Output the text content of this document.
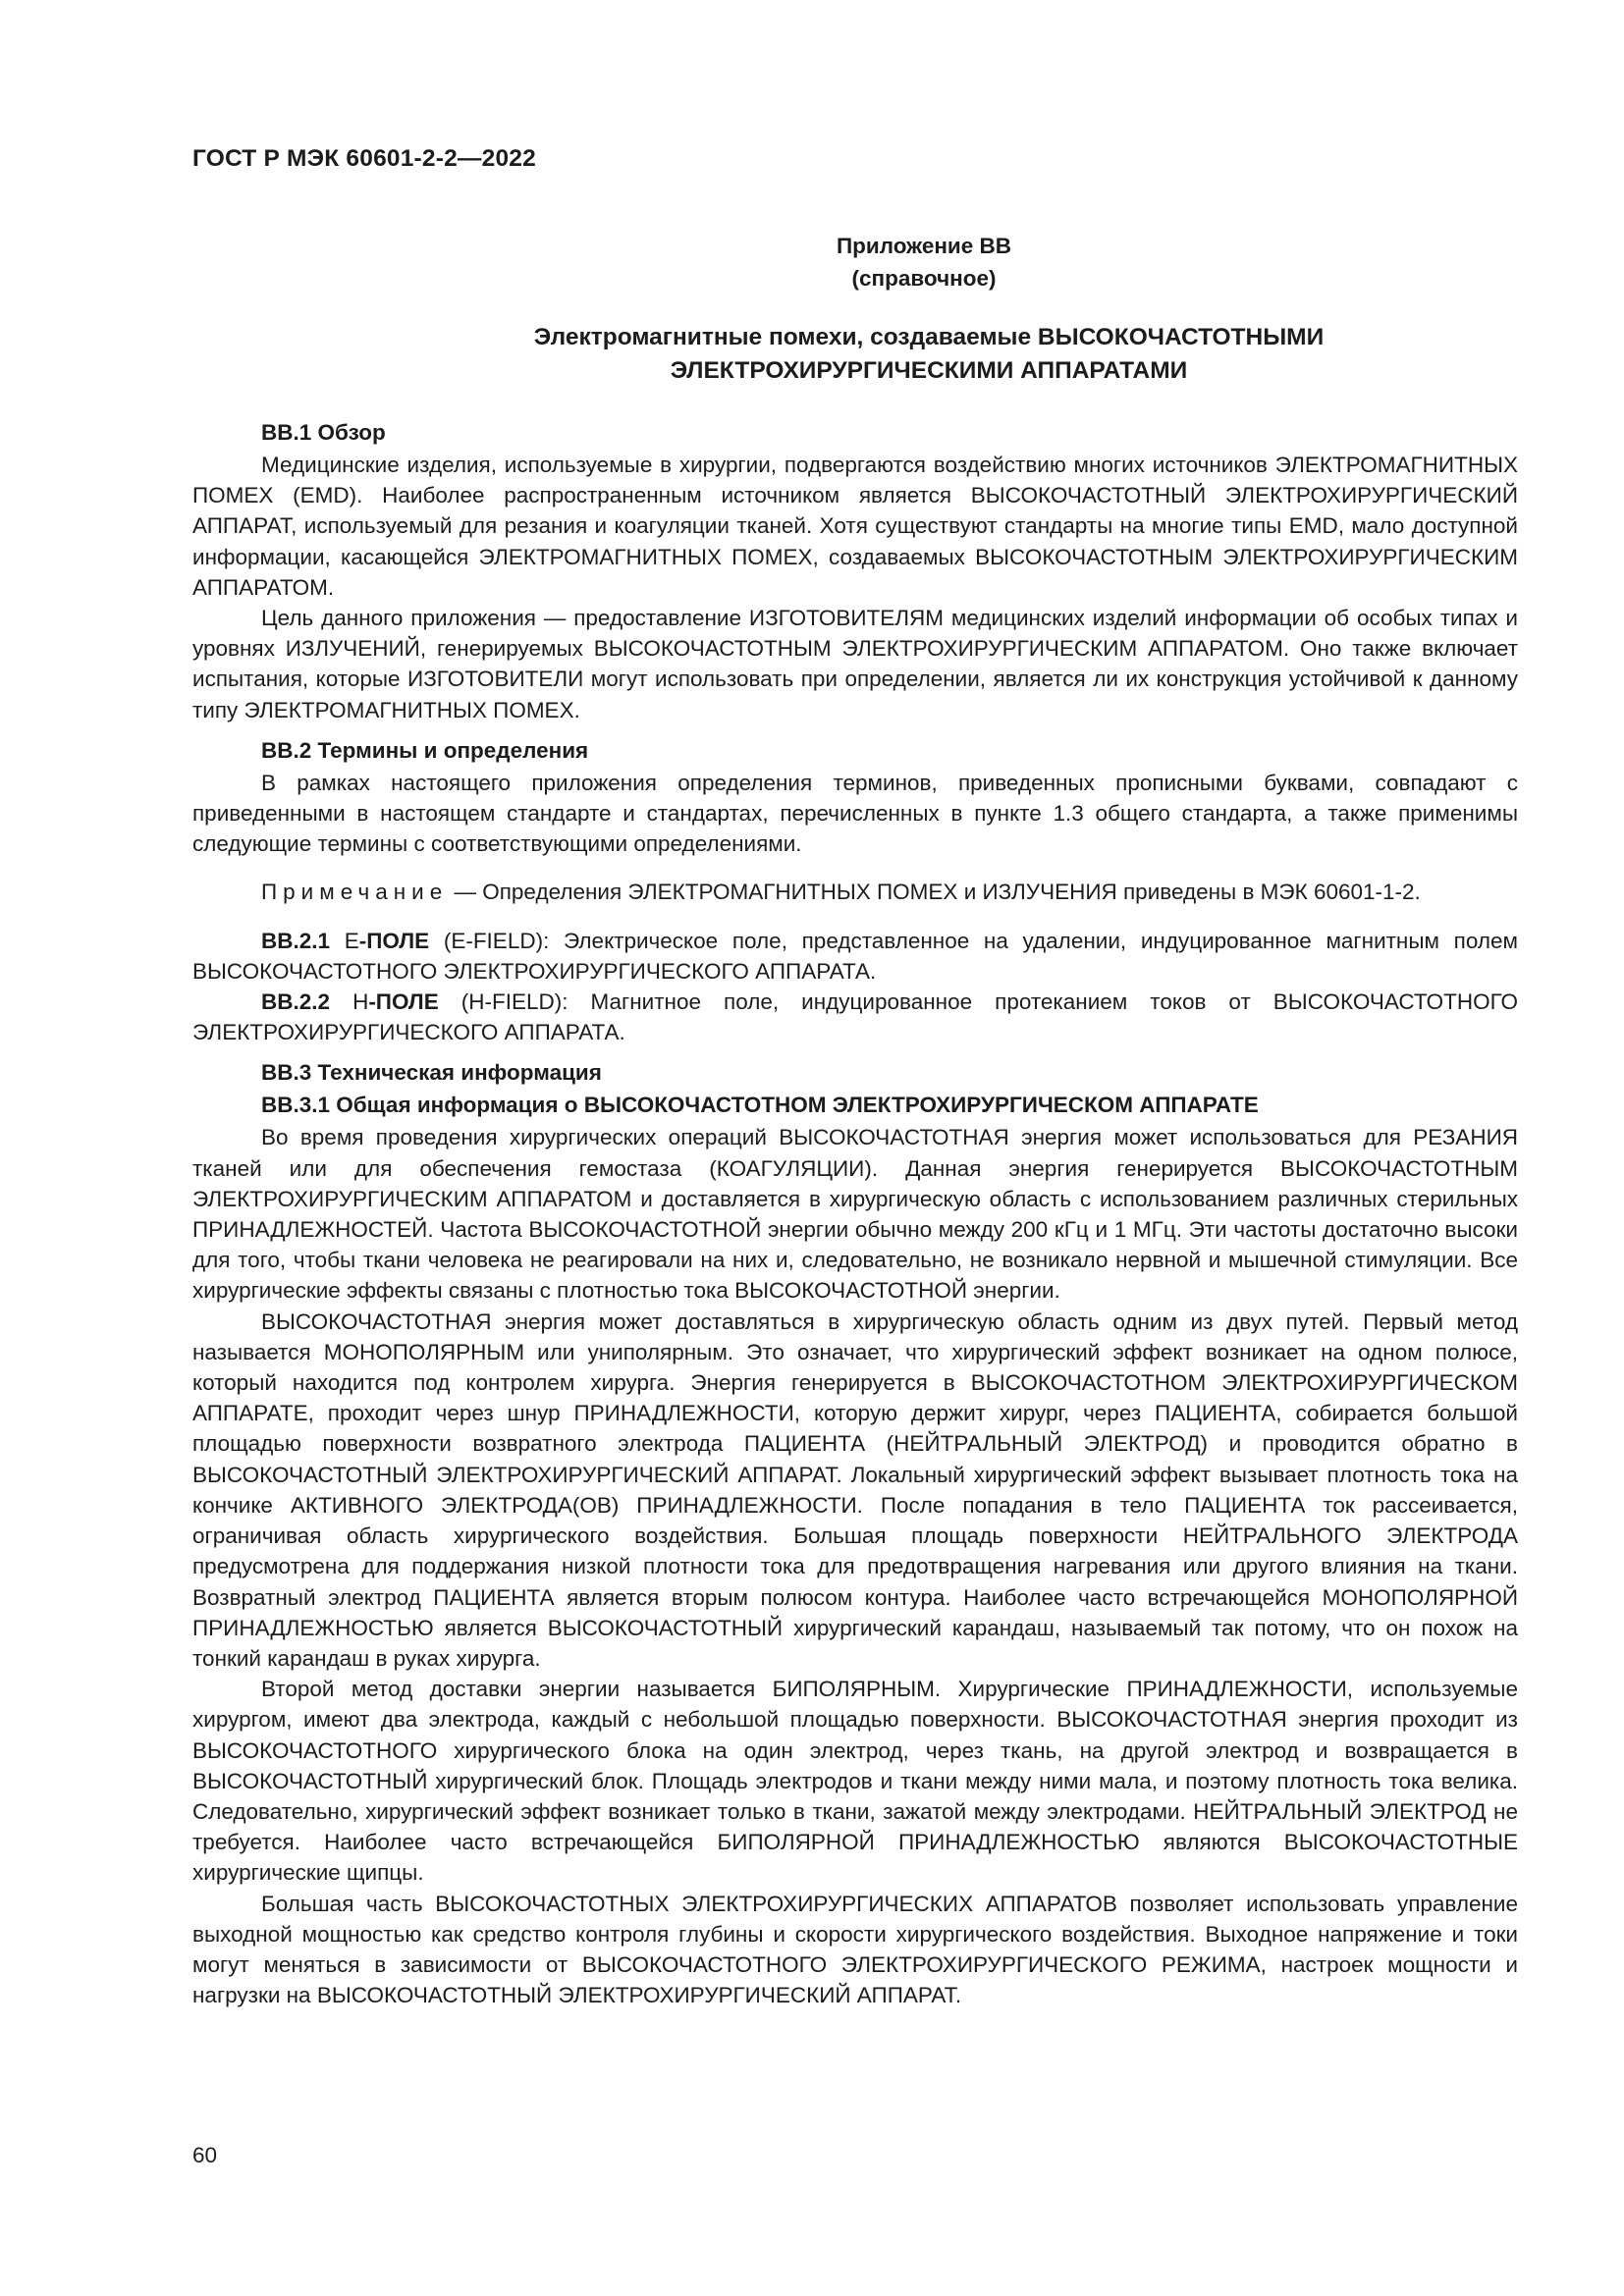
ГОСТ Р МЭК 60601-2-2—2022
Приложение ВВ
(справочное)
Электромагнитные помехи, создаваемые ВЫСОКОЧАСТОТНЫМИ
ЭЛЕКТРОХИРУРГИЧЕСКИМИ АППАРАТАМИ
ВВ.1 Обзор

Медицинские изделия, используемые в хирургии, подвергаются воздействию многих источников ЭЛЕКТРОМАГНИТНЫХ ПОМЕХ (EMD). Наиболее распространенным источником является ВЫСОКОЧАСТОТНЫЙ ЭЛЕКТРОХИРУРГИЧЕСКИЙ АППАРАТ, используемый для резания и коагуляции тканей. Хотя существуют стандарты на многие типы EMD, мало доступной информации, касающейся ЭЛЕКТРОМАГНИТНЫХ ПОМЕХ, создаваемых ВЫСОКОЧАСТОТНЫМ ЭЛЕКТРОХИРУРГИЧЕСКИМ АППАРАТОМ.

Цель данного приложения — предоставление ИЗГОТОВИТЕЛЯМ медицинских изделий информации об особых типах и уровнях ИЗЛУЧЕНИЙ, генерируемых ВЫСОКОЧАСТОТНЫМ ЭЛЕКТРОХИРУРГИЧЕСКИМ АППАРАТОМ. Оно также включает испытания, которые ИЗГОТОВИТЕЛИ могут использовать при определении, является ли их конструкция устойчивой к данному типу ЭЛЕКТРОМАГНИТНЫХ ПОМЕХ.

ВВ.2 Термины и определения

В рамках настоящего приложения определения терминов, приведенных прописными буквами, совпадают с приведенными в настоящем стандарте и стандартах, перечисленных в пункте 1.3 общего стандарта, а также применимы следующие термины с соответствующими определениями.

Примечание — Определения ЭЛЕКТРОМАГНИТНЫХ ПОМЕХ и ИЗЛУЧЕНИЯ приведены в МЭК 60601-1-2.

ВВ.2.1 Е-ПОЛЕ (E-FIELD): Электрическое поле, представленное на удалении, индуцированное магнитным полем ВЫСОКОЧАСТОТНОГО ЭЛЕКТРОХИРУРГИЧЕСКОГО АППАРАТА.

ВВ.2.2 Н-ПОЛЕ (H-FIELD): Магнитное поле, индуцированное протеканием токов от ВЫСОКОЧАСТОТНОГО ЭЛЕКТРОХИРУРГИЧЕСКОГО АППАРАТА.

ВВ.3 Техническая информация
ВВ.3.1 Общая информация о ВЫСОКОЧАСТОТНОМ ЭЛЕКТРОХИРУРГИЧЕСКОМ АППАРАТЕ

Во время проведения хирургических операций ВЫСОКОЧАСТОТНАЯ энергия может использоваться для РЕЗАНИЯ тканей или для обеспечения гемостаза (КОАГУЛЯЦИИ). Данная энергия генерируется ВЫСОКОЧАСТОТНЫМ ЭЛЕКТРОХИРУРГИЧЕСКИМ АППАРАТОМ и доставляется в хирургическую область с использованием различных стерильных ПРИНАДЛЕЖНОСТЕЙ. Частота ВЫСОКОЧАСТОТНОЙ энергии обычно между 200 кГц и 1 МГц. Эти частоты достаточно высоки для того, чтобы ткани человека не реагировали на них и, следовательно, не возникало нервной и мышечной стимуляции. Все хирургические эффекты связаны с плотностью тока ВЫСОКОЧАСТОТНОЙ энергии.

ВЫСОКОЧАСТОТНАЯ энергия может доставляться в хирургическую область одним из двух путей. Первый метод называется МОНОПОЛЯРНЫМ или униполярным. Это означает, что хирургический эффект возникает на одном полюсе, который находится под контролем хирурга. Энергия генерируется в ВЫСОКОЧАСТОТНОМ ЭЛЕКТРОХИРУРГИЧЕСКОМ АППАРАТЕ, проходит через шнур ПРИНАДЛЕЖНОСТИ, которую держит хирург, через ПАЦИЕНТА, собирается большой площадью поверхности возвратного электрода ПАЦИЕНТА (НЕЙТРАЛЬНЫЙ ЭЛЕКТРОД) и проводится обратно в ВЫСОКОЧАСТОТНЫЙ ЭЛЕКТРОХИРУРГИЧЕСКИЙ АППАРАТ. Локальный хирургический эффект вызывает плотность тока на кончике АКТИВНОГО ЭЛЕКТРОДА(ОВ) ПРИНАДЛЕЖНОСТИ. После попадания в тело ПАЦИЕНТА ток рассеивается, ограничивая область хирургического воздействия. Большая площадь поверхности НЕЙТРАЛЬНОГО ЭЛЕКТРОДА предусмотрена для поддержания низкой плотности тока для предотвращения нагревания или другого влияния на ткани. Возвратный электрод ПАЦИЕНТА является вторым полюсом контура. Наиболее часто встречающейся МОНОПОЛЯРНОЙ ПРИНАДЛЕЖНОСТЬЮ является ВЫСОКОЧАСТОТНЫЙ хирургический карандаш, называемый так потому, что он похож на тонкий карандаш в руках хирурга.

Второй метод доставки энергии называется БИПОЛЯРНЫМ. Хирургические ПРИНАДЛЕЖНОСТИ, используемые хирургом, имеют два электрода, каждый с небольшой площадью поверхности. ВЫСОКОЧАСТОТНАЯ энергия проходит из ВЫСОКОЧАСТОТНОГО хирургического блока на один электрод, через ткань, на другой электрод и возвращается в ВЫСОКОЧАСТОТНЫЙ хирургический блок. Площадь электродов и ткани между ними мала, и поэтому плотность тока велика. Следовательно, хирургический эффект возникает только в ткани, зажатой между электродами. НЕЙТРАЛЬНЫЙ ЭЛЕКТРОД не требуется. Наиболее часто встречающейся БИПОЛЯРНОЙ ПРИНАДЛЕЖНОСТЬЮ являются ВЫСОКОЧАСТОТНЫЕ хирургические щипцы.

Большая часть ВЫСОКОЧАСТОТНЫХ ЭЛЕКТРОХИРУРГИЧЕСКИХ АППАРАТОВ позволяет использовать управление выходной мощностью как средство контроля глубины и скорости хирургического воздействия. Выходное напряжение и токи могут меняться в зависимости от ВЫСОКОЧАСТОТНОГО ЭЛЕКТРОХИРУРГИЧЕСКОГО РЕЖИМА, настроек мощности и нагрузки на ВЫСОКОЧАСТОТНЫЙ ЭЛЕКТРОХИРУРГИЧЕСКИЙ АППАРАТ.

60
